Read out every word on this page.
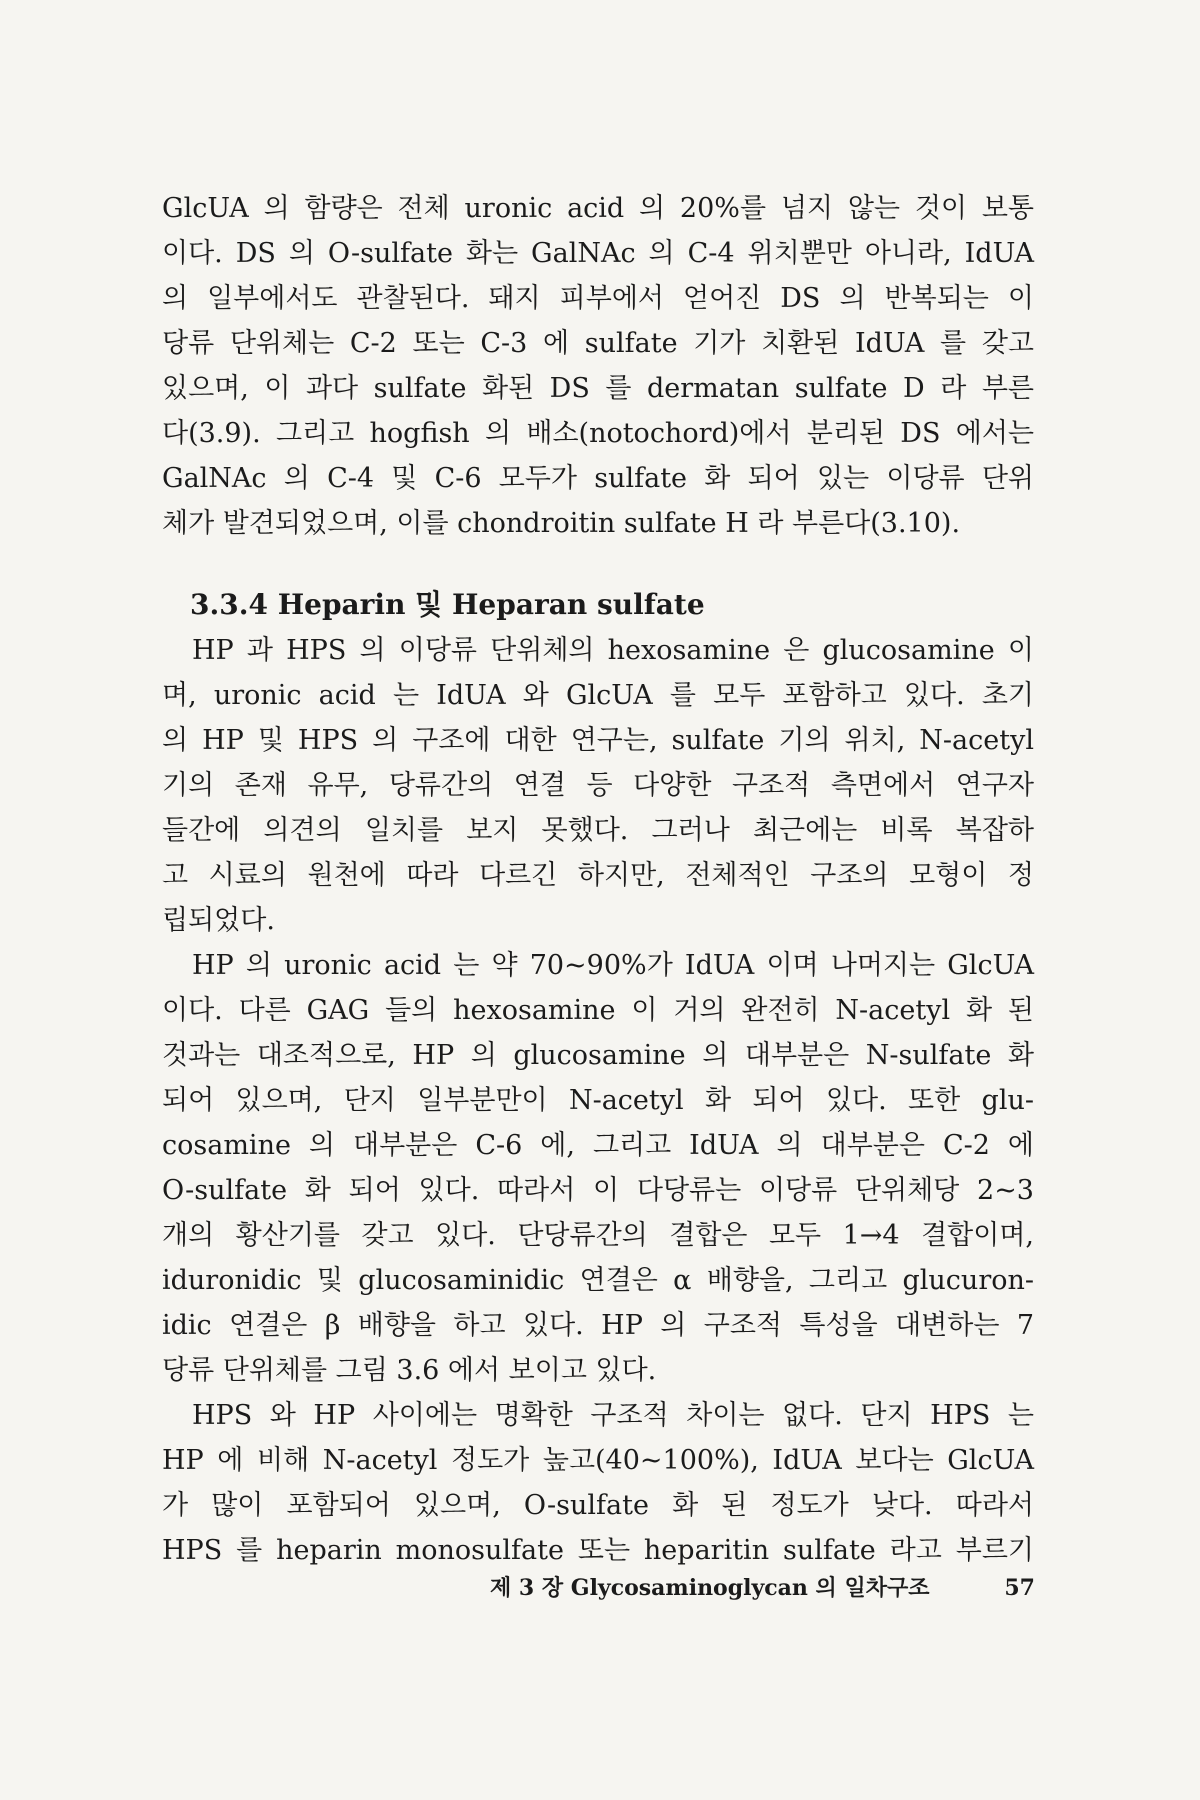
GlcUA 의 함량은 전체 uronic acid 의 20%를 넘지 않는 것이 보통
이다. DS 의 O-sulfate 화는 GalNAc 의 C-4 위치뿐만 아니라, IdUA
의 일부에서도 관찰된다. 돼지 피부에서 얻어진 DS 의 반복되는 이
당류 단위체는 C-2 또는 C-3 에 sulfate 기가 치환된 IdUA 를 갖고
있으며, 이 과다 sulfate 화된 DS 를 dermatan sulfate D 라 부른
다(3.9). 그리고 hogfish 의 배소(notochord)에서 분리된 DS 에서는
GalNAc 의 C-4 및 C-6 모두가 sulfate 화 되어 있는 이당류 단위
체가 발견되었으며, 이를 chondroitin sulfate H 라 부른다(3.10).
3.3.4 Heparin 및 Heparan sulfate
HP 과 HPS 의 이당류 단위체의 hexosamine 은 glucosamine 이
며, uronic acid 는 IdUA 와 GlcUA 를 모두 포함하고 있다. 초기
의 HP 및 HPS 의 구조에 대한 연구는, sulfate 기의 위치, N-acetyl
기의 존재 유무, 당류간의 연결 등 다양한 구조적 측면에서 연구자
들간에 의견의 일치를 보지 못했다. 그러나 최근에는 비록 복잡하
고 시료의 원천에 따라 다르긴 하지만, 전체적인 구조의 모형이 정
립되었다.
HP 의 uronic acid 는 약 70~90%가 IdUA 이며 나머지는 GlcUA
이다. 다른 GAG 들의 hexosamine 이 거의 완전히 N-acetyl 화 된
것과는 대조적으로, HP 의 glucosamine 의 대부분은 N-sulfate 화
되어 있으며, 단지 일부분만이 N-acetyl 화 되어 있다. 또한 glu-
cosamine 의 대부분은 C-6 에, 그리고 IdUA 의 대부분은 C-2 에
O-sulfate 화 되어 있다. 따라서 이 다당류는 이당류 단위체당 2~3
개의 황산기를 갖고 있다. 단당류간의 결합은 모두 1→4 결합이며,
iduronidic 및 glucosaminidic 연결은 α 배향을, 그리고 glucuron-
idic 연결은 β 배향을 하고 있다. HP 의 구조적 특성을 대변하는 7
당류 단위체를 그림 3.6 에서 보이고 있다.
HPS 와 HP 사이에는 명확한 구조적 차이는 없다. 단지 HPS 는
HP 에 비해 N-acetyl 정도가 높고(40~100%), IdUA 보다는 GlcUA
가 많이 포함되어 있으며, O-sulfate 화 된 정도가 낮다. 따라서
HPS 를 heparin monosulfate 또는 heparitin sulfate 라고 부르기
제 3 장 Glycosaminoglycan 의 일차구조	57
